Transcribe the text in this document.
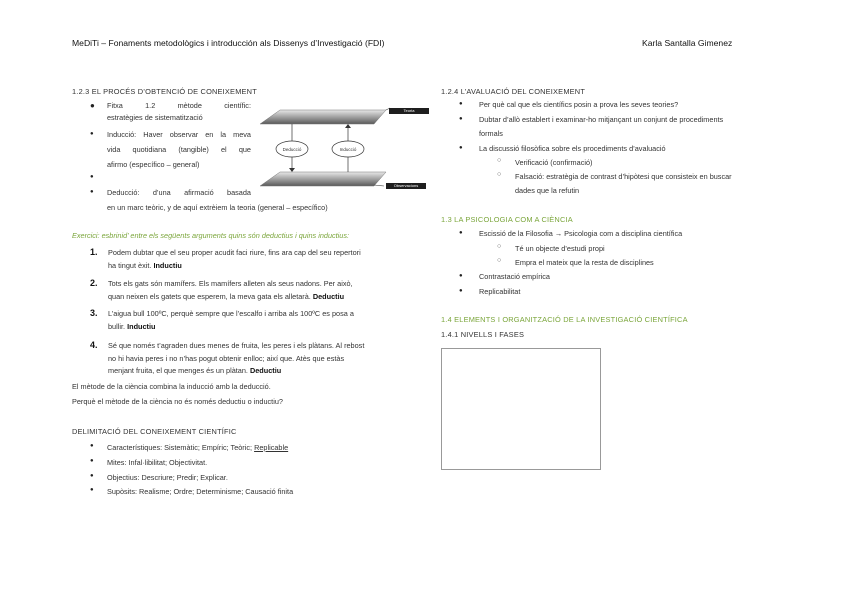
MeDiTi – Fonaments metodològics i introducción als Dissenys d’Investigació (FDI)	Karla Santalla Gimenez
1.2.3 EL PROCÉS D’OBTENCIÓ DE CONEIXEMENT
● Fitxa 1.2 mètode científic:
estratègies de sistematització
● Inducció: Haver observar en la meva
vida quotidiana (tangible) el que
afirmo (específico – general)
●
● Deducció: d’una afirmació basada
en un marc teòric, y de aquí extrèiem la teoria (general – específico)
Deducció	Inducció
Teoria
Observacions
Exercici: esbrinid’ entre els següents arguments quins són deductius i quins inductius:
1. Podem dubtar que el seu proper acudit faci riure, fins ara cap del seu repertori
ha tingut èxit. Inductiu
2. Tots els gats són mamífers. Els mamífers alleten als seus nadons. Per això,
quan neixen els gatets que esperem, la meva gata els alletarà. Deductiu
3. L’aigua bull 100ºC, perquè sempre que l’escalfo i arriba als 100ºC es posa a
bullir. Inductiu
4. Sé que només t’agraden dues menes de fruita, les peres i els plàtans. Al rebost
no hi havia peres i no n’has pogut obtenir enlloc; així que. Atès que estàs
menjant fruita, el que menges és un plàtan. Deductiu
El mètode de la ciència combina la inducció amb la deducció.
Perquè el mètode de la ciència no és només deductiu o inductiu?
DELIMITACIÓ DEL CONEIXEMENT CIENTÍFIC
● Característiques: Sistemàtic; Empíric; Teòric; Replicable
● Mites: Infal·libilitat; Objectivitat.
● Objectius: Descriure; Predir; Explicar.
● Supòsits: Realisme; Ordre; Determinisme; Causació finita
1.2.4 L’AVALUACIÓ DEL CONEIXEMENT
● Per què cal que els científics posin a prova les seves teories?
● Dubtar d’allò establert i examinar-ho mitjançant un conjunt de procediments
formals
● La discussió filosòfica sobre els procediments d’avaluació
○ Verificació (confirmació)
○ Falsació: estratègia de contrast d’hipòtesi que consisteix en buscar
dades que la refutin
1.3 LA PSICOLOGIA COM A CIÈNCIA
● Escissió de la Filosofia → Psicologia com a disciplina científica
○ Té un objecte d’estudi propi
○ Empra el mateix que la resta de disciplines
● Contrastació empírica
● Replicabilitat
1.4 ELEMENTS I ORGANITZACIÓ DE LA INVESTIGACIÓ CIENTÍFICA
1.4.1 NIVELLS I FASES
